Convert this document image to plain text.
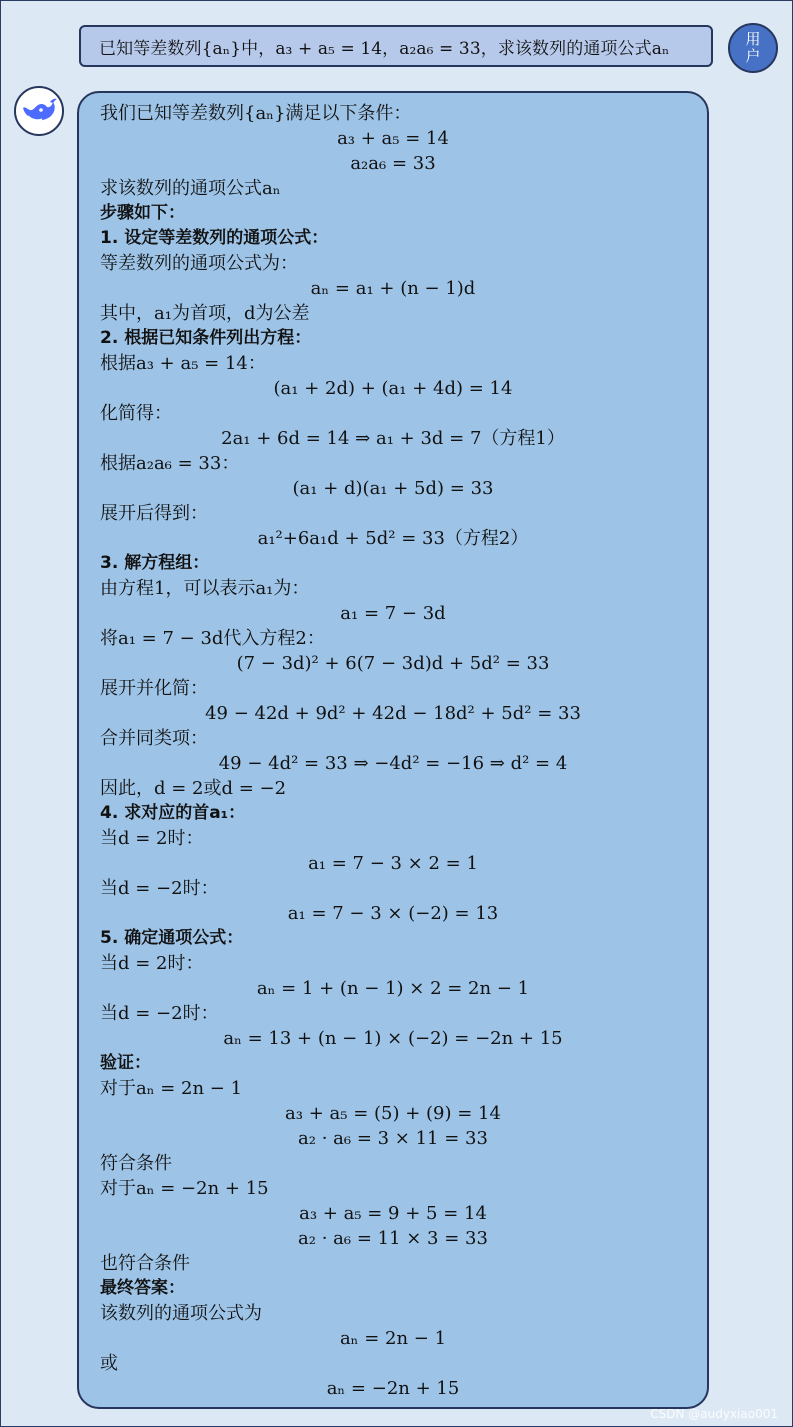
已知等差数列{aₙ}中，a₃ + a₅ = 14，a₂a₆ = 33，求该数列的通项公式aₙ	用
户
我们已知等差数列{aₙ}满足以下条件：
a₃ + a₅ = 14
a₂a₆ = 33
求该数列的通项公式aₙ
步骤如下：
1. 设定等差数列的通项公式：
等差数列的通项公式为：
aₙ = a₁ + (n − 1)d
其中，a₁为首项，d为公差
2. 根据已知条件列出方程：
根据a₃ + a₅ = 14：
(a₁ + 2d) + (a₁ + 4d) = 14
化简得：
2a₁ + 6d = 14 ⇒ a₁ + 3d = 7（方程1）
根据a₂a₆ = 33：
(a₁ + d)(a₁ + 5d) = 33
展开后得到：
a₁²+6a₁d + 5d² = 33（方程2）
3. 解方程组：
由方程1，可以表示a₁为：
a₁ = 7 − 3d
将a₁ = 7 − 3d代入方程2：
(7 − 3d)² + 6(7 − 3d)d + 5d² = 33
展开并化简：
49 − 42d + 9d² + 42d − 18d² + 5d² = 33
合并同类项：
49 − 4d² = 33 ⇒ −4d² = −16 ⇒ d² = 4
因此，d = 2或d = −2
4. 求对应的首a₁：
当d = 2时：
a₁ = 7 − 3 × 2 = 1
当d = −2时：
a₁ = 7 − 3 × (−2) = 13
5. 确定通项公式：
当d = 2时：
aₙ = 1 + (n − 1) × 2 = 2n − 1
当d = −2时：
aₙ = 13 + (n − 1) × (−2) = −2n + 15
验证：
对于aₙ = 2n − 1
a₃ + a₅ = (5) + (9) = 14
a₂ · a₆ = 3 × 11 = 33
符合条件
对于aₙ = −2n + 15
a₃ + a₅ = 9 + 5 = 14
a₂ · a₆ = 11 × 3 = 33
也符合条件
最终答案：
该数列的通项公式为
aₙ = 2n − 1
或
aₙ = −2n + 15
CSDN @audyxiao001
